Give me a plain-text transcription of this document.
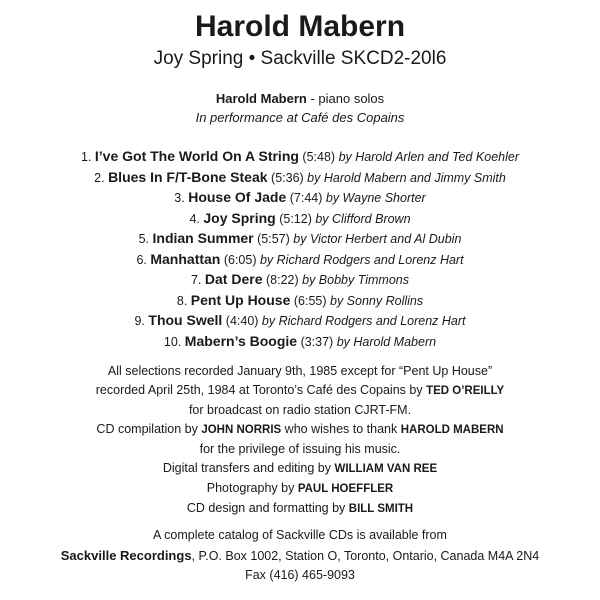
Harold Mabern
Joy Spring • Sackville SKCD2-20l6
Harold Mabern - piano solos
In performance at Café des Copains
1. I’ve Got The World On A String (5:48) by Harold Arlen and Ted Koehler
2. Blues In F/T-Bone Steak (5:36) by Harold Mabern and Jimmy Smith
3. House Of Jade (7:44) by Wayne Shorter
4. Joy Spring (5:12) by Clifford Brown
5. Indian Summer (5:57) by Victor Herbert and Al Dubin
6. Manhattan (6:05) by Richard Rodgers and Lorenz Hart
7. Dat Dere (8:22) by Bobby Timmons
8. Pent Up House (6:55) by Sonny Rollins
9. Thou Swell (4:40) by Richard Rodgers and Lorenz Hart
10. Mabern’s Boogie (3:37) by Harold Mabern
All selections recorded January 9th, 1985 except for “Pent Up House”
recorded April 25th, 1984 at Toronto’s Café des Copains by TED O’REILLY
for broadcast on radio station CJRT-FM.
CD compilation by JOHN NORRIS who wishes to thank HAROLD MABERN
for the privilege of issuing his music.
Digital transfers and editing by WILLIAM VAN REE
Photography by PAUL HOEFFLER
CD design and formatting by BILL SMITH
A complete catalog of Sackville CDs is available from
Sackville Recordings, P.O. Box 1002, Station O, Toronto, Ontario, Canada M4A 2N4
Fax (416) 465-9093
